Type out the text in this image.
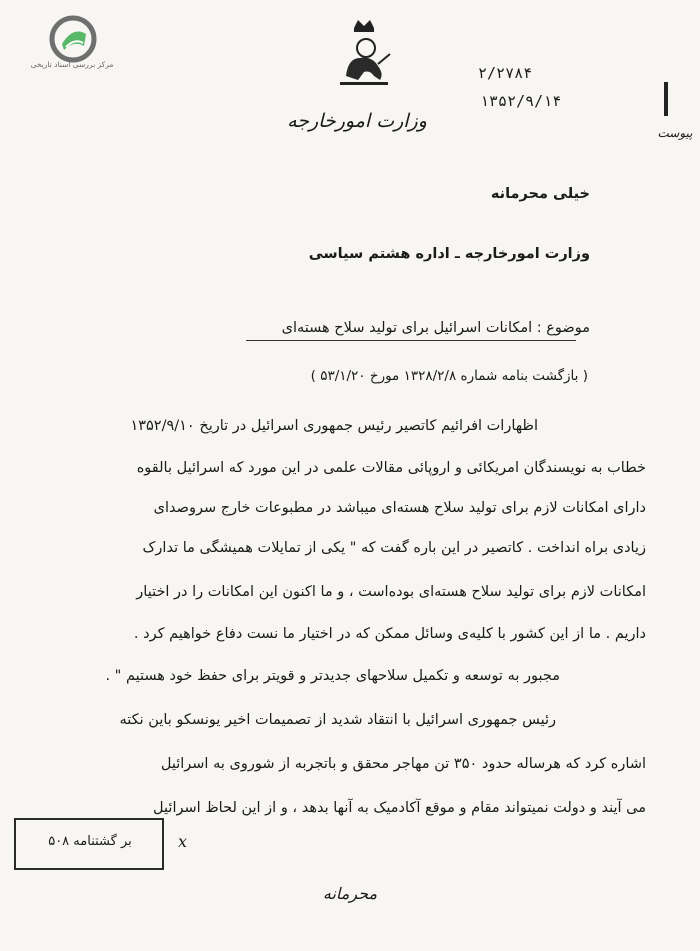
مرکز بررسی اسناد تاریخی	۲/۲۷۸۴
۱۳۵۲/۹/۱۴
وزارت امورخارجه
پیوست
خیلی محرمانه
وزارت امورخارجه ـ اداره هشتم سیاسی
موضوع : امکانات اسرائیل برای تولید سلاح هسته‌ای
( بازگشت بنامه شماره ۱۳۲۸/۲/۸ مورخ ۵۳/۱/۲۰ )
اظهارات افرائیم کاتصیر رئیس جمهوری اسرائیل در تاریخ ۱۳۵۲/۹/۱۰
خطاب به نویسندگان امریکائی و اروپائی مقالات علمی در این مورد که اسرائیل بالقوه
دارای امکانات لازم برای تولید سلاح هسته‌ای میباشد در مطبوعات خارج سروصدای
زیادی براه انداخت . کاتصیر در این باره گفت که " یکی از تمایلات همیشگی ما تدارک
امکانات لازم برای تولید سلاح هسته‌ای بوده‌است ، و ما اکنون این امکانات را در اختیار
داریم . ما از این کشور با کلیه‌ی وسائل ممکن که در اختیار ما نست دفاع خواهیم کرد .
مجبور به توسعه و تکمیل سلاحهای جدیدتر و قویتر برای حفظ خود هستیم " .
رئیس جمهوری اسرائیل با انتقاد شدید از تصمیمات اخیر یونسکو باین نکته
اشاره کرد که هرساله حدود ۳۵۰ تن مهاجر محقق و باتجربه از شوروی به اسرائیل
می آیند و دولت نمیتواند مقام و موقع آکادمیک به آنها بدهد ، و از این لحاظ اسرائیل
بر گشتنامه ۵۰۸	x
محرمانه
